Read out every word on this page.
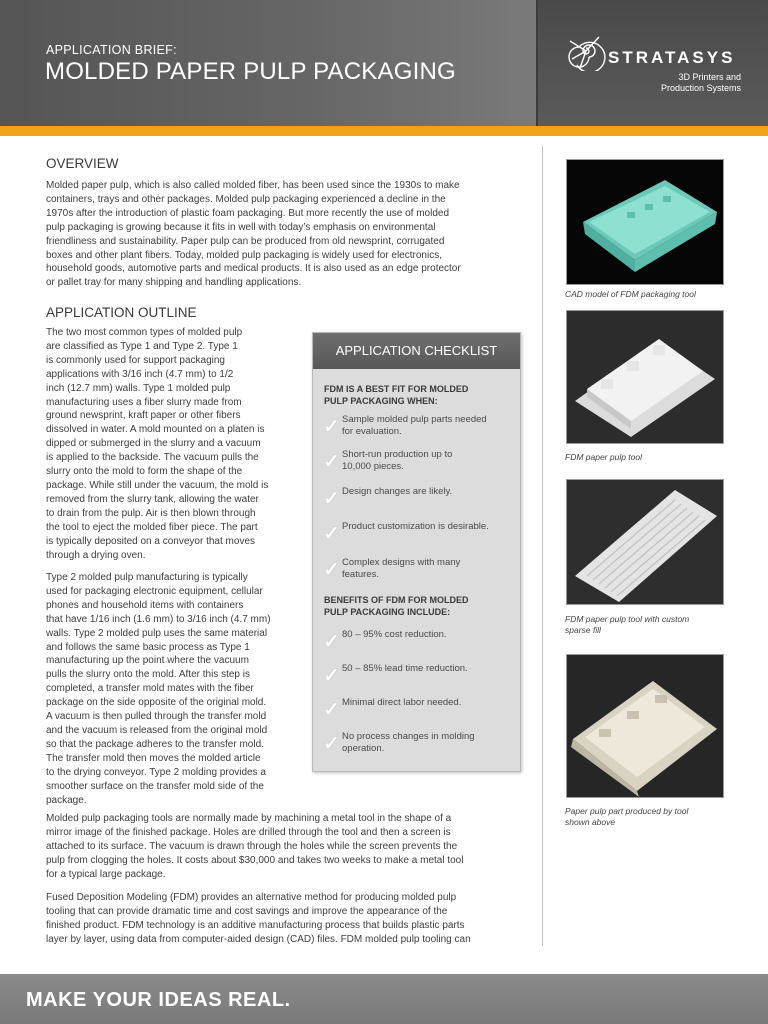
APPLICATION BRIEF:
MOLDED PAPER PULP PACKAGING
STRATASYS
3D Printers and
Production Systems
OVERVIEW
Molded paper pulp, which is also called molded fiber, has been used since the 1930s to make
containers, trays and other packages. Molded pulp packaging experienced a decline in the
1970s after the introduction of plastic foam packaging. But more recently the use of molded
pulp packaging is growing because it fits in well with today’s emphasis on environmental
friendliness and sustainability. Paper pulp can be produced from old newsprint, corrugated
boxes and other plant fibers. Today, molded pulp packaging is widely used for electronics,
household goods, automotive parts and medical products. It is also used as an edge protector
or pallet tray for many shipping and handling applications.
APPLICATION OUTLINE
The two most common types of molded pulp
are classified as Type 1 and Type 2. Type 1
is commonly used for support packaging
applications with 3/16 inch (4.7 mm) to 1/2
inch (12.7 mm) walls. Type 1 molded pulp
manufacturing uses a fiber slurry made from
ground newsprint, kraft paper or other fibers
dissolved in water. A mold mounted on a platen is
dipped or submerged in the slurry and a vacuum
is applied to the backside. The vacuum pulls the
slurry onto the mold to form the shape of the
package. While still under the vacuum, the mold is
removed from the slurry tank, allowing the water
to drain from the pulp. Air is then blown through
the tool to eject the molded fiber piece. The part
is typically deposited on a conveyor that moves
through a drying oven.
Type 2 molded pulp manufacturing is typically
used for packaging electronic equipment, cellular
phones and household items with containers
that have 1/16 inch (1.6 mm) to 3/16 inch (4.7 mm)
walls. Type 2 molded pulp uses the same material
and follows the same basic process as Type 1
manufacturing up the point where the vacuum
pulls the slurry onto the mold. After this step is
completed, a transfer mold mates with the fiber
package on the side opposite of the original mold.
A vacuum is then pulled through the transfer mold
and the vacuum is released from the original mold
so that the package adheres to the transfer mold.
The transfer mold then moves the molded article
to the drying conveyor. Type 2 molding provides a
smoother surface on the transfer mold side of the
package.
Molded pulp packaging tools are normally made by machining a metal tool in the shape of a
mirror image of the finished package. Holes are drilled through the tool and then a screen is
attached to its surface. The vacuum is drawn through the holes while the screen prevents the
pulp from clogging the holes. It costs about $30,000 and takes two weeks to make a metal tool
for a typical large package.
Fused Deposition Modeling (FDM) provides an alternative method for producing molded pulp
tooling that can provide dramatic time and cost savings and improve the appearance of the
finished product. FDM technology is an additive manufacturing process that builds plastic parts
layer by layer, using data from computer-aided design (CAD) files. FDM molded pulp tooling can
APPLICATION CHECKLIST
FDM IS A BEST FIT FOR MOLDED
PULP PACKAGING WHEN:
✓ Sample molded pulp parts needed
for evaluation.
✓ Short-run production up to
10,000 pieces.
✓ Design changes are likely.
✓ Product customization is desirable.
✓ Complex designs with many
features.
BENEFITS OF FDM FOR MOLDED
PULP PACKAGING INCLUDE:
✓ 80 – 95% cost reduction.
✓ 50 – 85% lead time reduction.
✓ Minimal direct labor needed.
✓ No process changes in molding
operation.
CAD model of FDM packaging tool
FDM paper pulp tool
FDM paper pulp tool with custom
sparse fill
Paper pulp part produced by tool
shown above
MAKE YOUR IDEAS REAL.
